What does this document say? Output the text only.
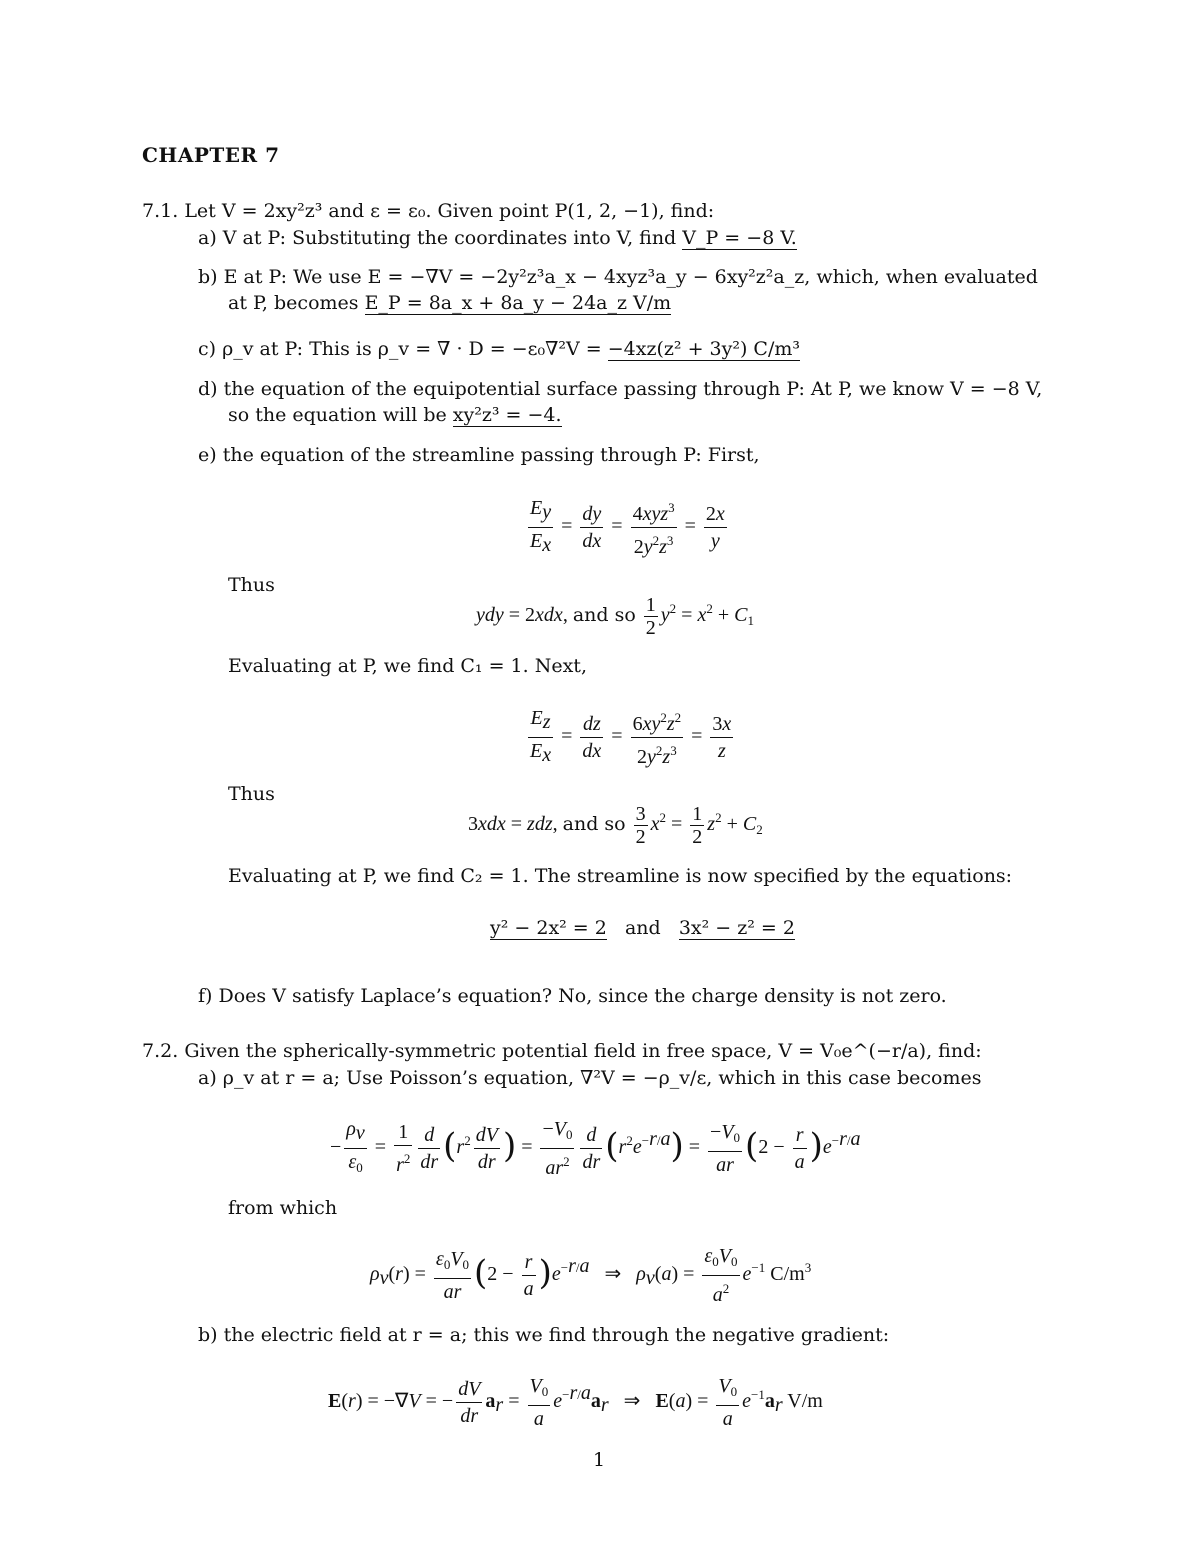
CHAPTER 7
7.1. Let V = 2xy²z³ and ε = ε₀. Given point P(1, 2, −1), find:
a) V at P: Substituting the coordinates into V, find V_P = −8 V.
b) E at P: We use E = −∇V = −2y²z³a_x − 4xyz³a_y − 6xy²z²a_z, which, when evaluated
at P, becomes E_P = 8a_x + 8a_y − 24a_z V/m
c) ρ_v at P: This is ρ_v = ∇ · D = −ε₀∇²V = −4xz(z² + 3y²) C/m³
d) the equation of the equipotential surface passing through P: At P, we know V = −8 V,
so the equation will be xy²z³ = −4.
e) the equation of the streamline passing through P: First,
$\frac{E_y}{E_x} = \frac{dy}{dx} = \frac{4xyz^3}{2y^2z^3} = \frac{2x}{y}$
Thus
ydy = 2xdx, and so $\frac{1}{2} y^2 = x^2 + C_1$
Evaluating at P, we find C₁ = 1. Next,
$\frac{E_z}{E_x} = \frac{dz}{dx} = \frac{6xy^2z^2}{2y^2z^3} = \frac{3x}{z}$
Thus
3xdx = zdz, and so $\frac{3}{2} x^2 = \frac{1}{2} z^2 + C_2$
Evaluating at P, we find C₂ = 1. The streamline is now specified by the equations:
y² − 2x² = 2 and 3x² − z² = 2
f) Does V satisfy Laplace’s equation? No, since the charge density is not zero.
7.2. Given the spherically-symmetric potential field in free space, V = V₀e^(−r/a), find:
a) ρ_v at r = a; Use Poisson’s equation, ∇²V = −ρ_v/ε, which in this case becomes
− $\frac{\rho_v}{\varepsilon_0} = \frac{1}{r^2} \frac{d}{dr} (r^2 \frac{dV}{dr}$ ) = $\frac{-V_0}{ar^2} \frac{d}{dr} (r^2e^{-r/a}) = \frac{-V_0}{ar} (2 - \frac{r}{a} )e^{-r/a}$
from which
$\rho_v(r) = \frac{\varepsilon_0V_0}{ar} (2 - \frac{r}{a} )e^{-r/a}$   ⇒   $\rho_v(a) = \frac{\varepsilon_0V_0}{a^2} e^{-1}$ $C/m^3$
b) the electric field at r = a; this we find through the negative gradient:
E(r) = −∇V = − $\frac{dV}{dr} a_r = \frac{V_0}{a} e^{-r/a}a_r$   ⇒   $E(a) = \frac{V_0}{a} e^{-1}a_r$ V/m
1
